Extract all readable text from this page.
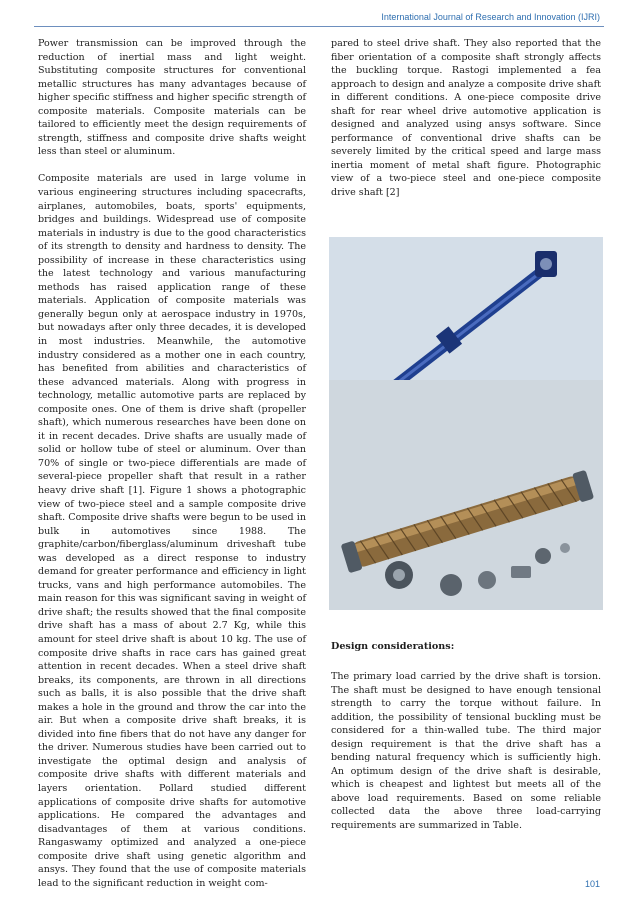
International Journal of Research and Innovation (IJRI)

Power transmission can be improved through the reduction of inertial mass and light weight. Substituting composite structures for conventional metallic structures has many advantages because of higher specific stiffness and higher specific strength of composite materials. Composite materials can be tailored to efficiently meet the design requirements of strength, stiffness and composite drive shafts weight less than steel or aluminum.

Composite materials are used in large volume in various engineering structures including spacecrafts, airplanes, automobiles, boats, sports' equipments, bridges and buildings. Widespread use of composite materials in industry is due to the good characteristics of its strength to density and hardness to density. The possibility of increase in these characteristics using the latest technology and various manufacturing methods has raised application range of these materials. Application of composite materials was generally begun only at aerospace industry in 1970s, but nowadays after only three decades, it is developed in most industries. Meanwhile, the automotive industry considered as a mother one in each country, has benefited from abilities and characteristics of these advanced materials. Along with progress in technology, metallic automotive parts are replaced by composite ones. One of them is drive shaft (propeller shaft), which numerous researches have been done on it in recent decades. Drive shafts are usually made of solid or hollow tube of steel or aluminum. Over than 70% of single or two-piece differentials are made of several-piece propeller shaft that result in a rather heavy drive shaft [1]. Figure 1 shows a photographic view of two-piece steel and a sample composite drive shaft. Composite drive shafts were begun to be used in bulk in automotives since 1988. The graphite/carbon/fiberglass/aluminum driveshaft tube was developed as a direct response to industry demand for greater performance and efficiency in light trucks, vans and high performance automobiles. The main reason for this was significant saving in weight of drive shaft; the results showed that the final composite drive shaft has a mass of about 2.7 Kg, while this amount for steel drive shaft is about 10 kg. The use of composite drive shafts in race cars has gained great attention in recent decades. When a steel drive shaft breaks, its components, are thrown in all directions such as balls, it is also possible that the drive shaft makes a hole in the ground and throw the car into the air. But when a composite drive shaft breaks, it is divided into fine fibers that do not have any danger for the driver. Numerous studies have been carried out to investigate the optimal design and analysis of composite drive shafts with different materials and layers orientation. Pollard studied different applications of composite drive shafts for automotive applications. He compared the advantages and disadvantages of them at various conditions. Rangaswamy optimized and analyzed a one-piece composite drive shaft using genetic algorithm and ansys. They found that the use of composite materials lead to the significant reduction in weight com-

pared to steel drive shaft. They also reported that the fiber orientation of a composite shaft strongly affects the buckling torque. Rastogi implemented a fea approach to design and analyze a composite drive shaft in different conditions. A one-piece composite drive shaft for rear wheel drive automotive application is designed and analyzed using ansys software. Since performance of conventional drive shafts can be severely limited by the critical speed and large mass inertia moment of metal shaft figure. Photographic view of a two-piece steel and one-piece composite drive shaft [2]

Design considerations:

The primary load carried by the drive shaft is torsion. The shaft must be designed to have enough tensional strength to carry the torque without failure. In addition, the possibility of tensional buckling must be considered for a thin-walled tube. The third major design requirement is that the drive shaft has a bending natural frequency which is sufficiently high. An optimum design of the drive shaft is desirable, which is cheapest and lightest but meets all of the above load requirements. Based on some reliable collected data the above three load-carrying requirements are summarized in Table.

101
